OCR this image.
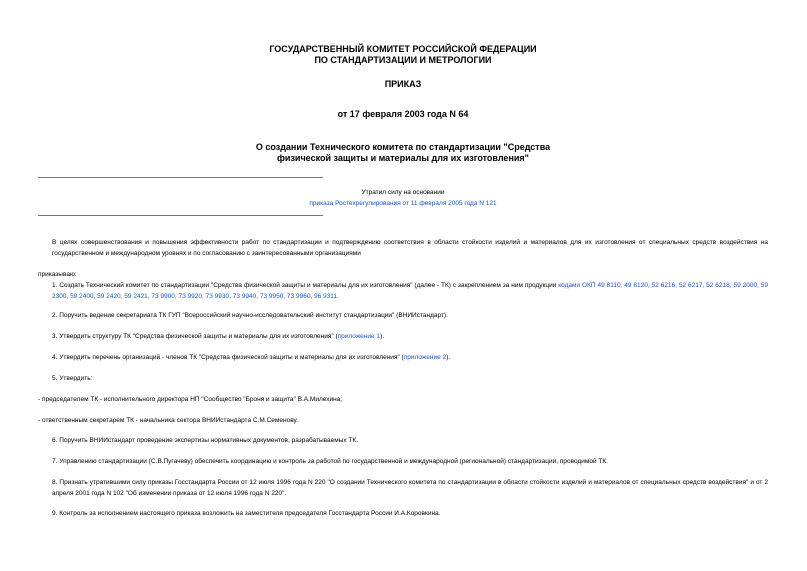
ГОСУДАРСТВЕННЫЙ КОМИТЕТ РОССИЙСКОЙ ФЕДЕРАЦИИ
ПО СТАНДАРТИЗАЦИИ И МЕТРОЛОГИИ
ПРИКАЗ
от 17 февраля 2003 года N 64
О создании Технического комитета по стандартизации "Средства
физической защиты и материалы для их изготовления"
Утратил силу на основании
приказа Ростехрегулирования от 11 февраля 2005 года N 121
В целях совершенствования и повышения эффективности работ по стандартизации и подтверждению соответствия в области стойкости изделий и материалов для их изготовления от специальных средств воздействия на государственном и международном уровнях и по согласованию с заинтересованными организациями
приказываю:
1. Создать Технический комитет по стандартизации "Средства физической защиты и материалы для их изготовления" (далее - ТК) с закреплением за ним продукции кодами ОКП 49 8110, 49 8120, 52 6216, 52 6217, 52 6218, 59 2000, 59 2300, 59 2400, 59 2420, 59 2421, 73 9900, 73 9920, 73 9930, 73 9940, 73 9950, 73 9960, 96 9311.
2. Поручить ведение секретариата ТК ГУП "Всероссийский научно-исследовательский институт стандартизации" (ВНИИстандарт).
3. Утвердить структуру ТК "Средства физической защиты и материалы для их изготовления" (приложение 1).
4. Утвердить перечень организаций - членов ТК "Средства физической защиты и материалы для их изготовления" (приложение 2).
5. Утвердить:
- председателем ТК - исполнительного директора НП "Сообщество "Броня и защита" В.А.Милехина;
- ответственным секретарем ТК - начальника сектора ВНИИстандарта С.М.Семенову.
6. Поручить ВНИИстандарт проведение экспертизы нормативных документов, разрабатываемых ТК.
7. Управлению стандартизации (С.В.Пугачеву) обеспечить координацию и контроль за работой по государственной и международной (региональной) стандартизации, проводимой ТК.
8. Признать утратившими силу приказы Госстандарта России от 12 июля 1996 года N 220 "О создании Технического комитета по стандартизации в области стойкости изделий и материалов от специальных средств воздействия" и от 2 апреля 2001 года N 102 "Об изменении приказа от 12 июля 1996 года N 220".
9. Контроль за исполнением настоящего приказа возложить на заместителя председателя Госстандарта России И.А.Коровкина.
